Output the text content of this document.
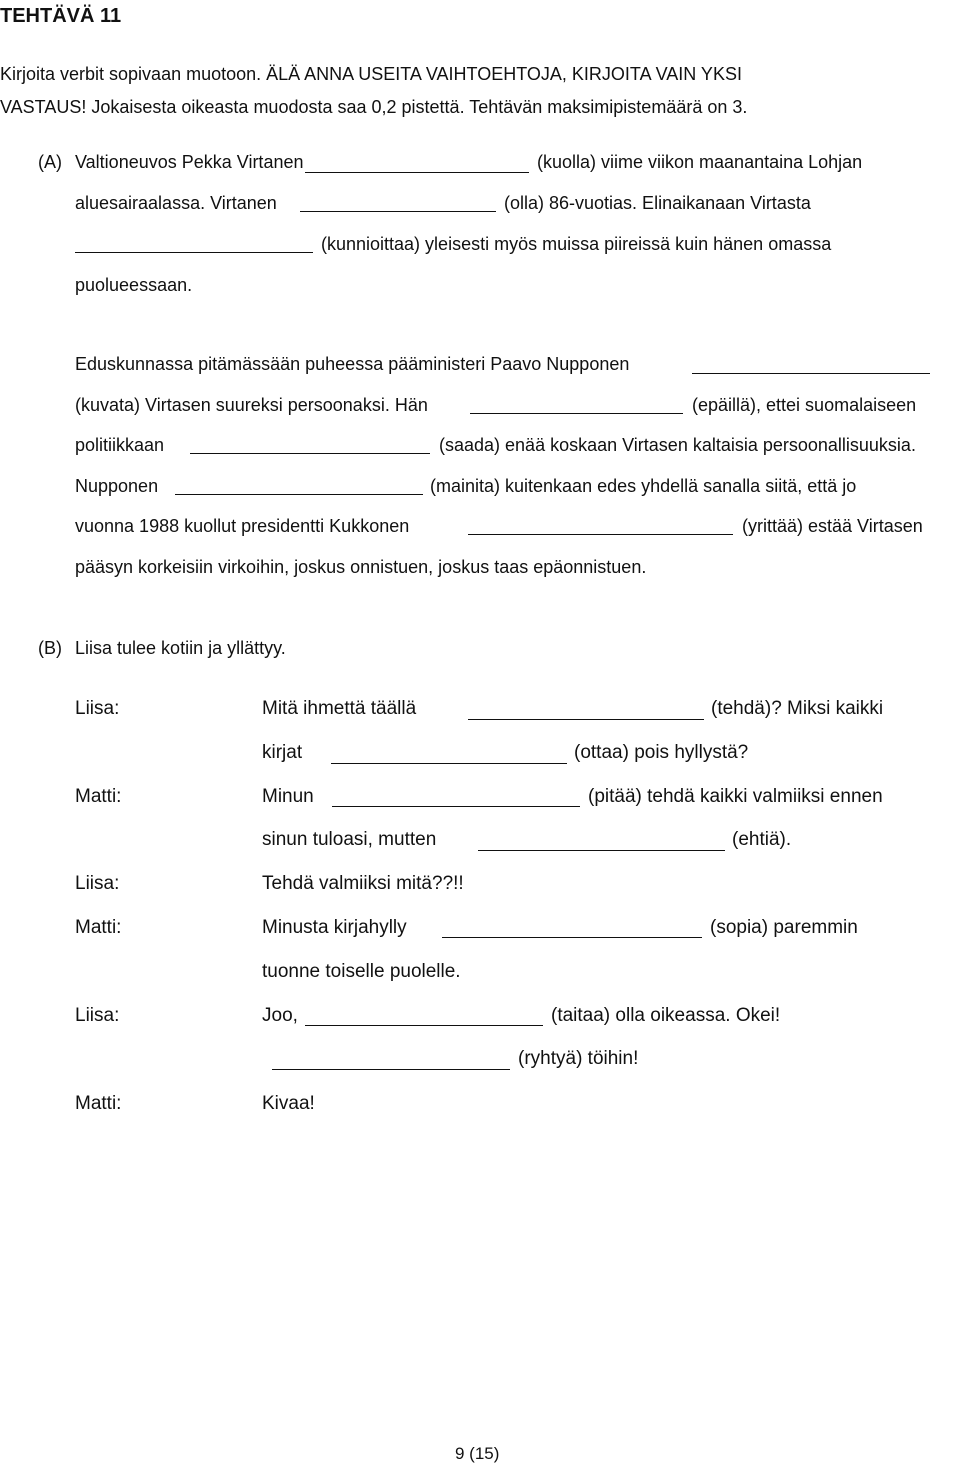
TEHTÄVÄ 11
Kirjoita verbit sopivaan muotoon. ÄLÄ ANNA USEITA VAIHTOEHTOJA, KIRJOITA VAIN YKSI
VASTAUS! Jokaisesta oikeasta muodosta saa 0,2 pistettä. Tehtävän maksimipistemäärä on 3.
(A) Valtioneuvos Pekka Virtanen	(kuolla) viime viikon maanantaina Lohjan
aluesairaalassa. Virtanen	(olla) 86-vuotias. Elinaikanaan Virtasta
(kunnioittaa) yleisesti myös muissa piireissä kuin hänen omassa
puolueessaan.
Eduskunnassa pitämässään puheessa pääministeri Paavo Nupponen
(kuvata) Virtasen suureksi persoonaksi. Hän	(epäillä), ettei suomalaiseen
politiikkaan	(saada) enää koskaan Virtasen kaltaisia persoonallisuuksia.
Nupponen	(mainita) kuitenkaan edes yhdellä sanalla siitä, että jo
vuonna 1988 kuollut presidentti Kukkonen	(yrittää) estää Virtasen
pääsyn korkeisiin virkoihin, joskus onnistuen, joskus taas epäonnistuen.
(B) Liisa tulee kotiin ja yllättyy.
Liisa:	Mitä ihmettä täällä	(tehdä)? Miksi kaikki
kirjat	(ottaa) pois hyllystä?
Matti:	Minun	(pitää) tehdä kaikki valmiiksi ennen
sinun tuloasi, mutten	(ehtiä).
Liisa:	Tehdä valmiiksi mitä??!!
Matti:	Minusta kirjahylly	(sopia) paremmin
tuonne toiselle puolelle.
Liisa:	Joo,	(taitaa) olla oikeassa. Okei!
(ryhtyä) töihin!
Matti:	Kivaa!
9 (15)
